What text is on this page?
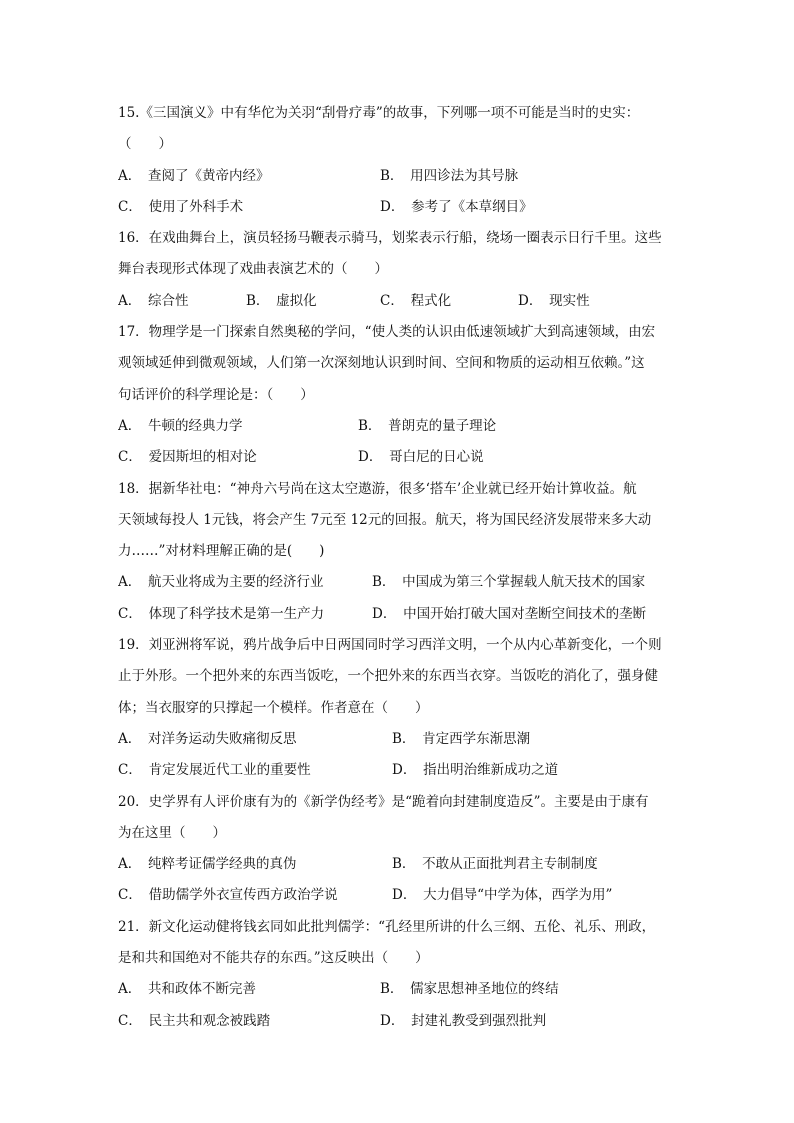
15.《三国演义》中有华佗为关羽“刮骨疗毒”的故事，下列哪一项不可能是当时的史实：
（　　）
A．　查阅了《黄帝内经》	B．　用四诊法为其号脉
C．　使用了外科手术	D．　参考了《本草纲目》
16．在戏曲舞台上，演员轻扬马鞭表示骑马，划桨表示行船，绕场一圈表示日行千里。这些
舞台表现形式体现了戏曲表演艺术的（　　）
A．　综合性	B．　虚拟化	C．　程式化	D．　现实性
17．物理学是一门探索自然奥秘的学问，“使人类的认识由低速领域扩大到高速领域，由宏
观领域延伸到微观领域，人们第一次深刻地认识到时间、空间和物质的运动相互依赖。”这
句话评价的科学理论是：（　　）
A．　牛顿的经典力学	B．　普朗克的量子理论
C．　爱因斯坦的相对论	D．　哥白尼的日心说
18．据新华社电：“神舟六号尚在这太空遨游，很多‘搭车’企业就已经开始计算收益。航
天领域每投人 1元钱，将会产生 7元至 12元的回报。航天，将为国民经济发展带来多大动
力……”对材料理解正确的是(　　)
A．　航天业将成为主要的经济行业	B．　中国成为第三个掌握载人航天技术的国家
C．　体现了科学技术是第一生产力	D．　中国开始打破大国对垄断空间技术的垄断
19．刘亚洲将军说，鸦片战争后中日两国同时学习西洋文明，一个从内心革新变化，一个则
止于外形。一个把外来的东西当饭吃，一个把外来的东西当衣穿。当饭吃的消化了，强身健
体；当衣服穿的只撑起一个模样。作者意在（　　）
A．　对洋务运动失败痛彻反思	B．　肯定西学东渐思潮
C．　肯定发展近代工业的重要性	D．　指出明治维新成功之道
20．史学界有人评价康有为的《新学伪经考》是“跪着向封建制度造反”。主要是由于康有
为在这里（　　）
A．　纯粹考证儒学经典的真伪	B．　不敢从正面批判君主专制制度
C．　借助儒学外衣宣传西方政治学说	D．　大力倡导“中学为体，西学为用”
21．新文化运动健将钱玄同如此批判儒学：“孔经里所讲的什么三纲、五伦、礼乐、刑政，
是和共和国绝对不能共存的东西。”这反映出（　　）
A．　共和政体不断完善	B．　儒家思想神圣地位的终结
C．　民主共和观念被践踏	D．　封建礼教受到强烈批判
